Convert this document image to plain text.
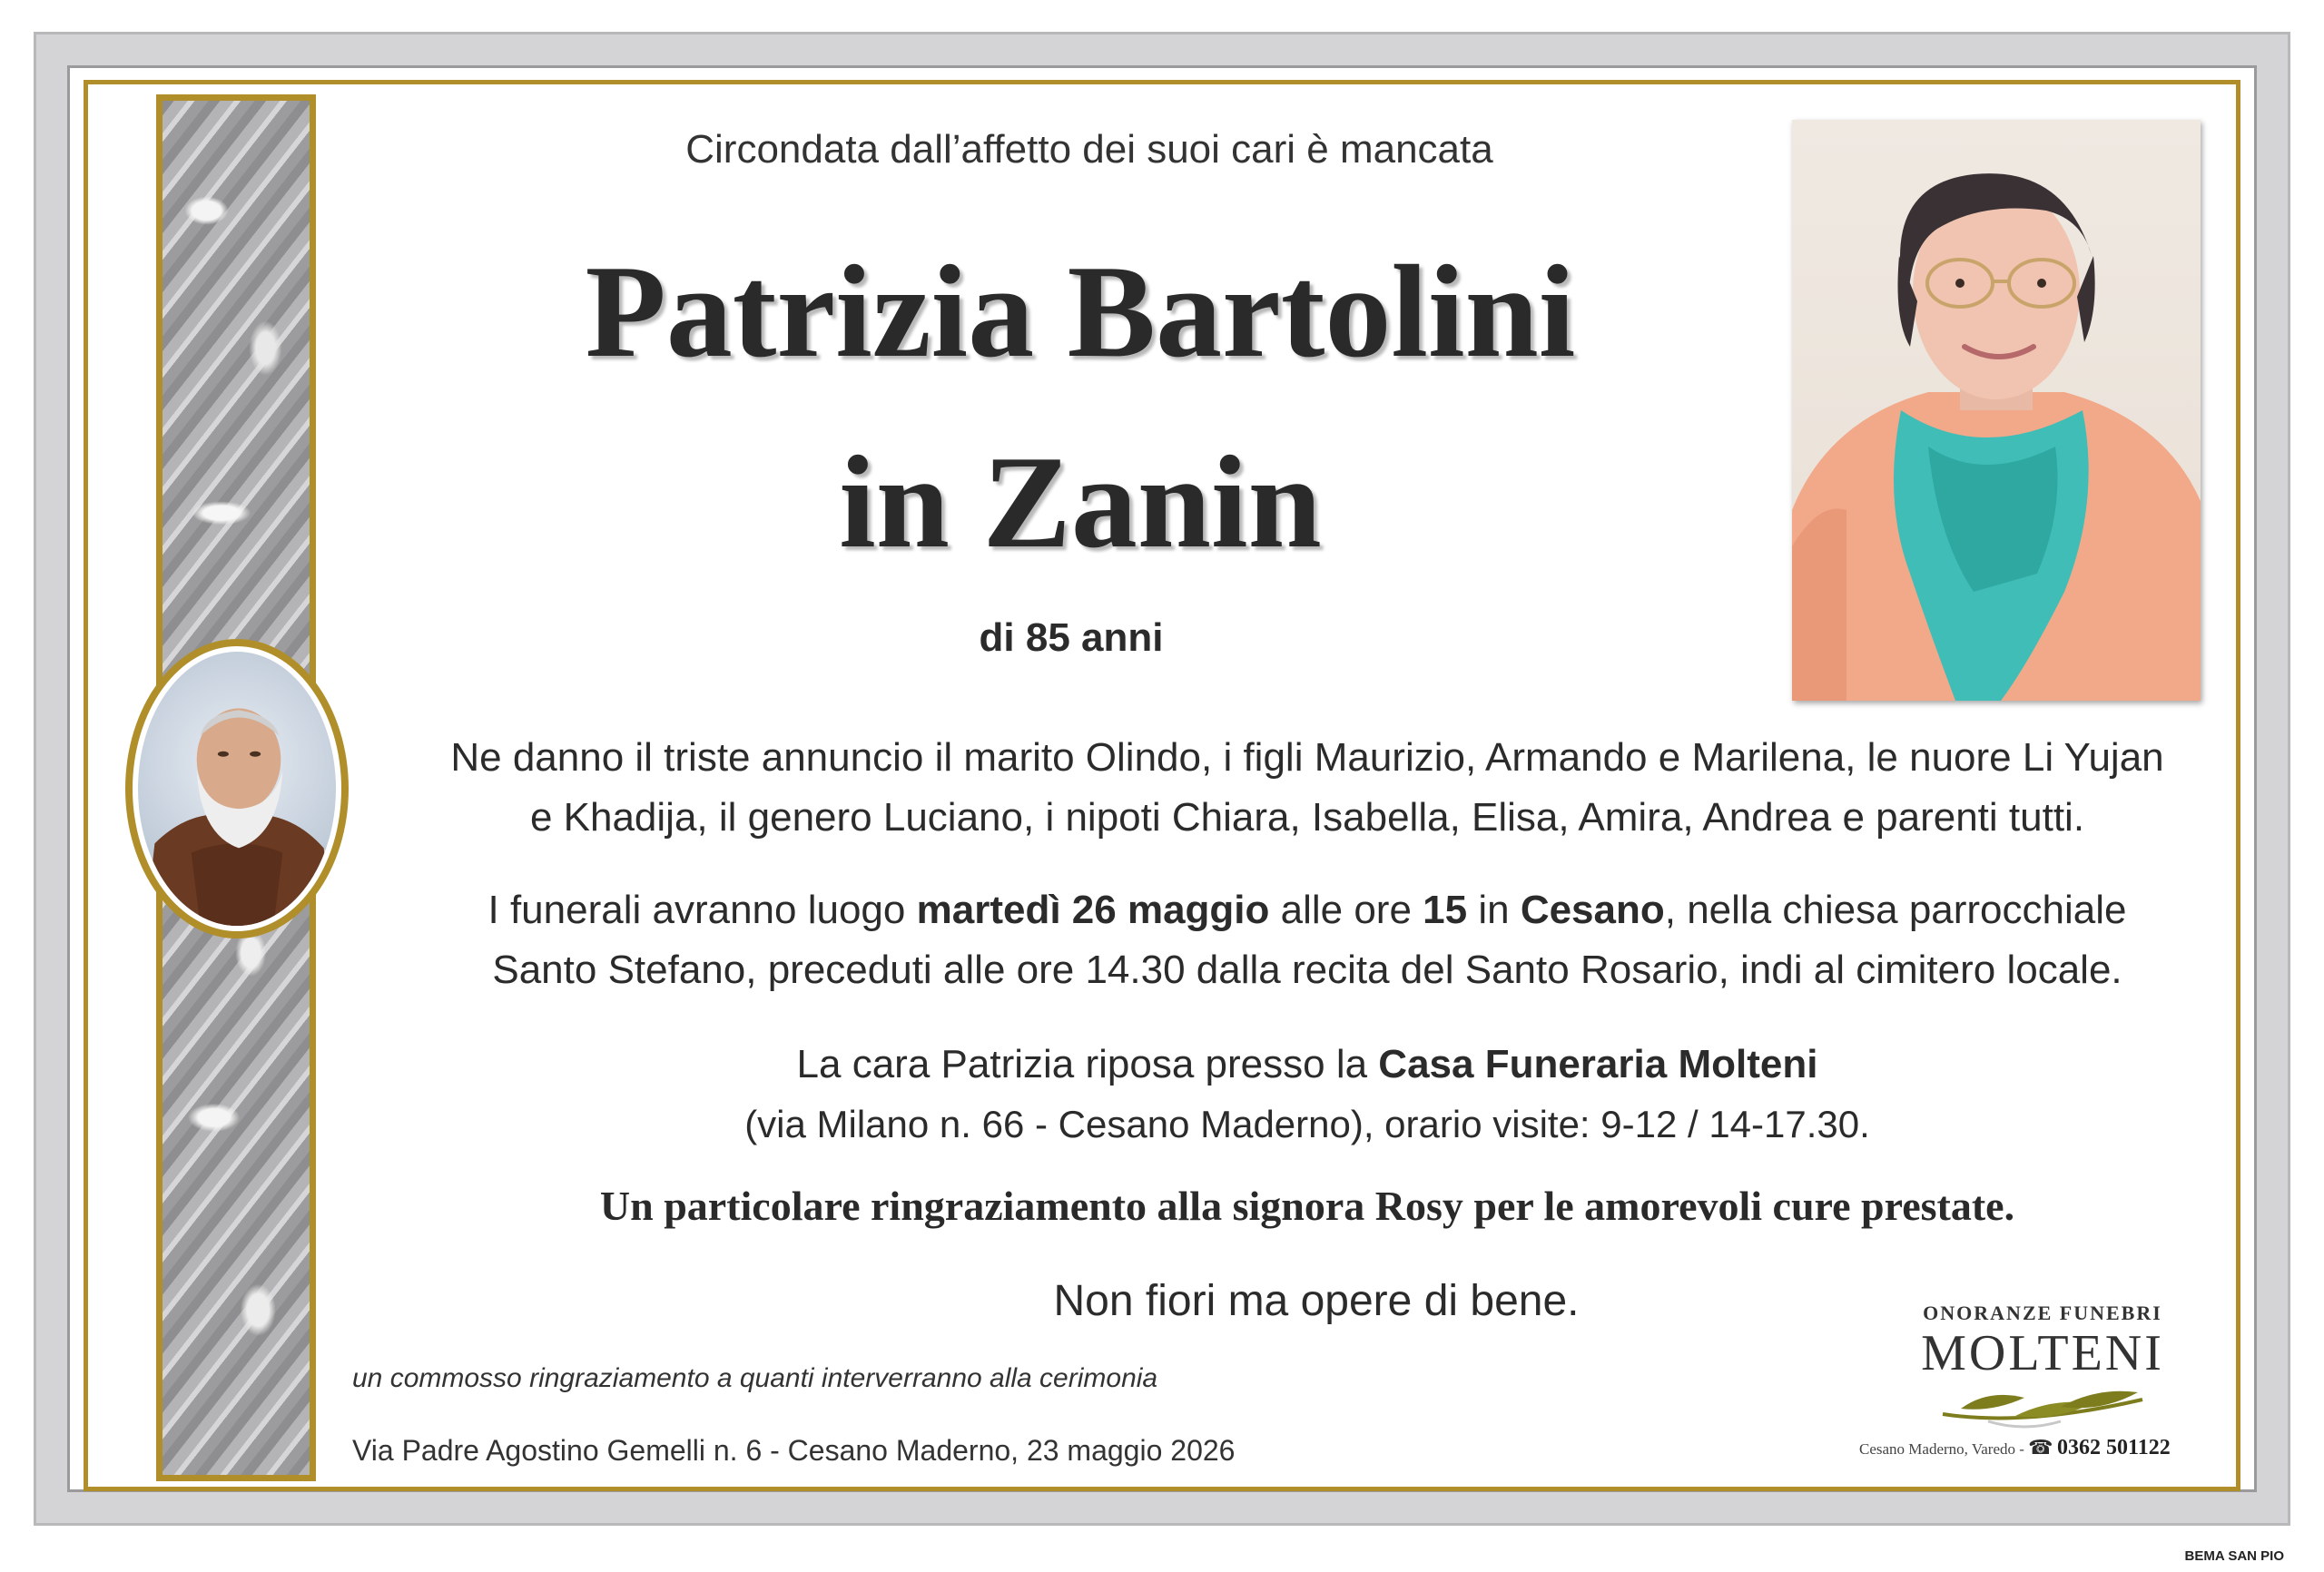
Circondata dall’affetto dei suoi cari è mancata
Patrizia Bartolini
in Zanin
di 85 anni
Ne danno il triste annuncio il marito Olindo, i figli Maurizio, Armando e Marilena, le nuore Li Yujan
e Khadija, il genero Luciano, i nipoti Chiara, Isabella, Elisa, Amira, Andrea e parenti tutti.
I funerali avranno luogo martedì 26 maggio alle ore 15 in Cesano, nella chiesa parrocchiale
Santo Stefano, preceduti alle ore 14.30 dalla recita del Santo Rosario, indi al cimitero locale.
La cara Patrizia riposa presso la Casa Funeraria Molteni
(via Milano n. 66 - Cesano Maderno), orario visite: 9-12 / 14-17.30.
Un particolare ringraziamento alla signora Rosy per le amorevoli cure prestate.
Non fiori ma opere di bene.
un commosso ringraziamento a quanti interverranno alla cerimonia
Via Padre Agostino Gemelli n. 6 - Cesano Maderno, 23 maggio 2026
ONORANZE FUNEBRI
MOLTENI
Cesano Maderno, Varedo - ☎ 0362 501122
BEMA SAN PIO
